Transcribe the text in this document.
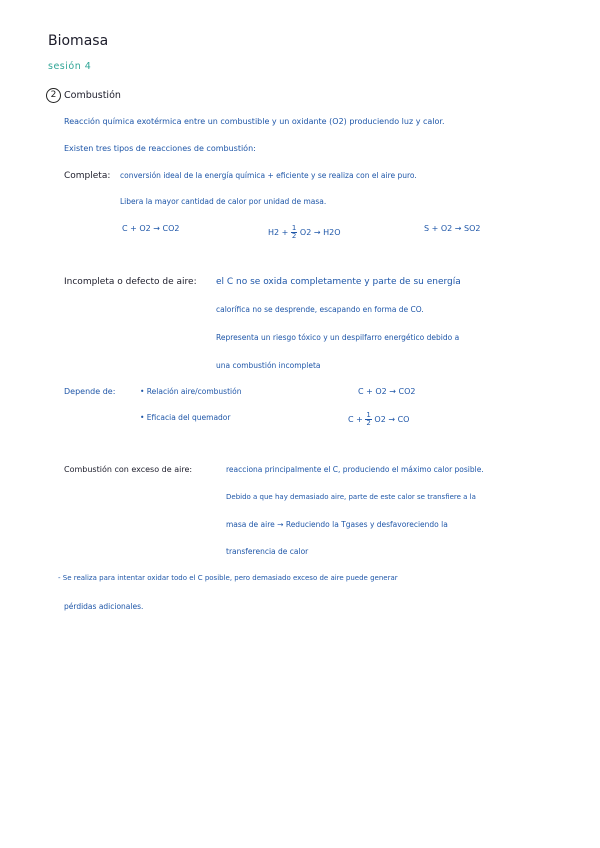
Biomasa
sesión 4
2 Combustión
Reacción química exotérmica entre un combustible y un oxidante (O2) produciendo luz y calor.
Existen tres tipos de reacciones de combustión:
Completa: conversión ideal de la energía química + eficiente y se realiza con el aire puro.
Libera la mayor cantidad de calor por unidad de masa.
C + O2 → CO2	$H2 + \frac{1}{2} O2 \to H2O$	S + O2 → SO2
Incompleta o defecto de aire: el C no se oxida completamente y parte de su energía
calorífica no se desprende, escapando en forma de CO.
Representa un riesgo tóxico y un despilfarro energético debido a
una combustión incompleta
Depende de:	• Relación aire/combustión
• Eficacia del quemador
C + O2 → CO2
$C + \frac{1}{2} O2$ → CO
Combustión con exceso de aire:	reacciona principalmente el C, produciendo el máximo calor posible.
Debido a que hay demasiado aire, parte de este calor se transfiere a la
masa de aire → Reduciendo la Tgases y desfavoreciendo la
transferencia de calor
- Se realiza para intentar oxidar todo el C posible, pero demasiado exceso de aire puede generar
pérdidas adicionales.
